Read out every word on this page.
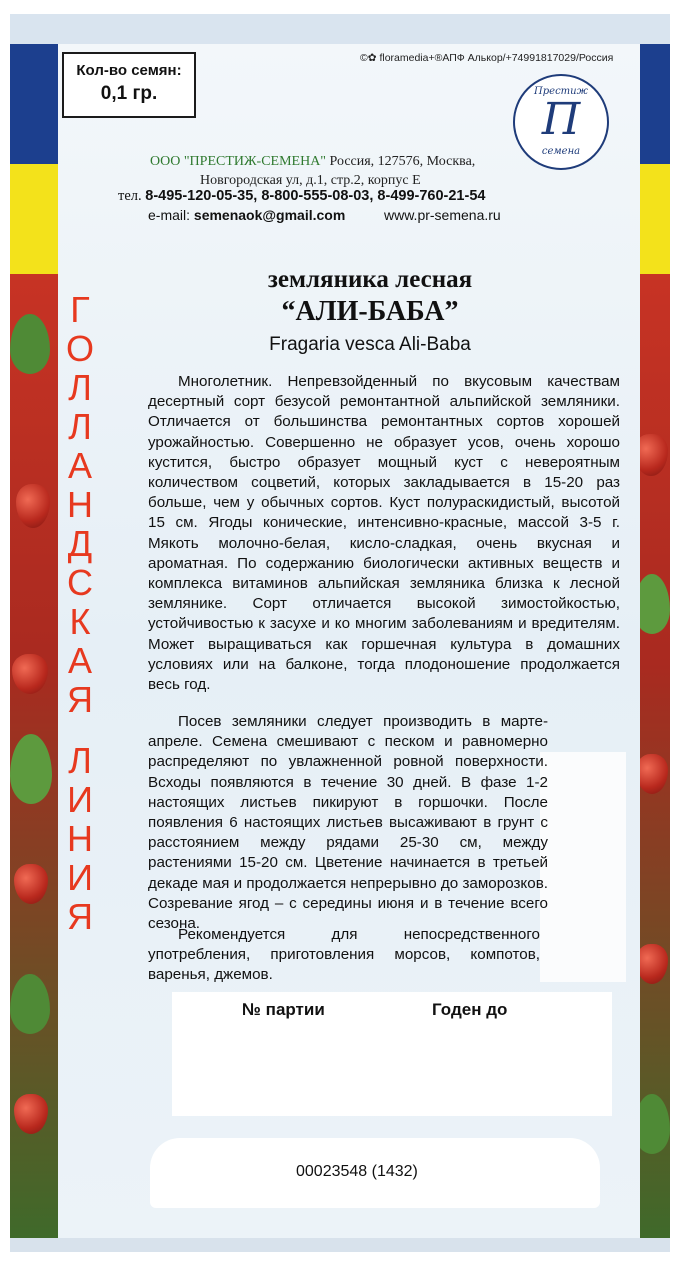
Кол-во семян:
0,1 гр.
©✿ floramedia+®АПФ Алькор/+74991817029/Россия
Престиж
П
семена
ООО "ПРЕСТИЖ-СЕМЕНА" Россия, 127576, Москва,
Новгородская ул, д.1, стр.2, корпус Е
тел. 8-495-120-05-35, 8-800-555-08-03, 8-499-760-21-54
e-mail: semenaok@gmail.com	www.pr-semena.ru
земляника лесная
“АЛИ-БАБА”
Fragaria vesca Ali-Baba
Г
О
Л
Л
А
Н
Д
С
К
А
Я
Л
И
Н
И
Я

Многолетник. Непревзойденный по вкусовым качествам десертный сорт безусой ремонтантной альпийской земляники. Отличается от большинства ремонтантных сортов хорошей урожайностью. Совершенно не образует усов, очень хорошо кустится, быстро образует мощный куст с невероятным количеством соцветий, которых закладывается в 15-20 раз больше, чем у обычных сортов. Куст полураскидистый, высотой 15 см. Ягоды конические, интенсивно-красные, массой 3-5 г. Мякоть молочно-белая, кисло-сладкая, очень вкусная и ароматная. По содержанию биологически активных веществ и комплекса витаминов альпийская земляника близка к лесной землянике. Сорт отличается высокой зимостойкостью, устойчивостью к засухе и ко многим заболеваниям и вредителям. Может выращиваться как горшечная культура в домашних условиях или на балконе, тогда плодоношение продолжается весь год.

Посев земляники следует производить в марте-апреле. Семена смешивают с песком и равномерно распределяют по увлажненной ровной поверхности. Всходы появляются в течение 30 дней. В фазе 1-2 настоящих листьев пикируют в горшочки. После появления 6 настоящих листьев высаживают в грунт с расстоянием между рядами 25-30 см, между растениями 15-20 см. Цветение начинается в третьей декаде мая и продолжается непрерывно до заморозков. Созревание ягод – с середины июня и в течение всего сезона.

Рекомендуется для непосредственного употребления, приготовления морсов, компотов, варенья, джемов.

№ партии	Годен до
00023548 (1432)
